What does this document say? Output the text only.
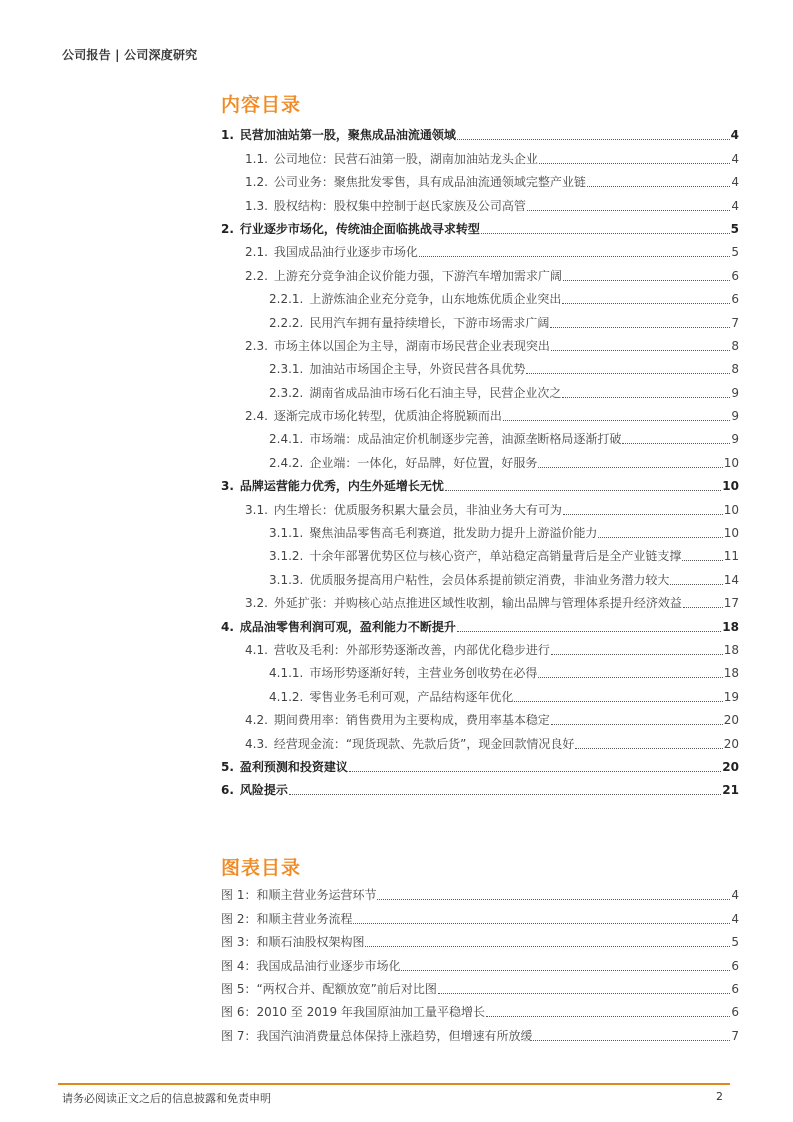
公司报告 | 公司深度研究
内容目录
1. 民营加油站第一股，聚焦成品油流通领域	4
1.1. 公司地位：民营石油第一股，湖南加油站龙头企业	4
1.2. 公司业务：聚焦批发零售，具有成品油流通领域完整产业链	4
1.3. 股权结构：股权集中控制于赵氏家族及公司高管	4
2. 行业逐步市场化，传统油企面临挑战寻求转型	5
2.1. 我国成品油行业逐步市场化	5
2.2. 上游充分竞争油企议价能力强，下游汽车增加需求广阔	6
2.2.1. 上游炼油企业充分竞争，山东地炼优质企业突出	6
2.2.2. 民用汽车拥有量持续增长，下游市场需求广阔	7
2.3. 市场主体以国企为主导，湖南市场民营企业表现突出	8
2.3.1. 加油站市场国企主导，外资民营各具优势	8
2.3.2. 湖南省成品油市场石化石油主导，民营企业次之	9
2.4. 逐渐完成市场化转型，优质油企将脱颖而出	9
2.4.1. 市场端：成品油定价机制逐步完善，油源垄断格局逐渐打破	9
2.4.2. 企业端：一体化，好品牌，好位置，好服务	10
3. 品牌运营能力优秀，内生外延增长无忧	10
3.1. 内生增长：优质服务积累大量会员，非油业务大有可为	10
3.1.1. 聚焦油品零售高毛利赛道，批发助力提升上游溢价能力	10
3.1.2. 十余年部署优势区位与核心资产，单站稳定高销量背后是全产业链支撑	11
3.1.3. 优质服务提高用户粘性，会员体系提前锁定消费，非油业务潜力较大	14
3.2. 外延扩张：并购核心站点推进区域性收割，输出品牌与管理体系提升经济效益	17
4. 成品油零售利润可观，盈利能力不断提升	18
4.1. 营收及毛利：外部形势逐渐改善，内部优化稳步进行	18
4.1.1. 市场形势逐渐好转，主营业务创收势在必得	18
4.1.2. 零售业务毛利可观，产品结构逐年优化	19
4.2. 期间费用率：销售费用为主要构成，费用率基本稳定	20
4.3. 经营现金流：“现货现款、先款后货”，现金回款情况良好	20
5. 盈利预测和投资建议	20
6. 风险提示	21
图表目录
图 1：和顺主营业务运营环节	4
图 2：和顺主营业务流程	4
图 3：和顺石油股权架构图	5
图 4：我国成品油行业逐步市场化	6
图 5：“两权合并、配额放宽”前后对比图	6
图 6：2010 至 2019 年我国原油加工量平稳增长	6
图 7：我国汽油消费量总体保持上涨趋势，但增速有所放缓	7
请务必阅读正文之后的信息披露和免责申明	2
